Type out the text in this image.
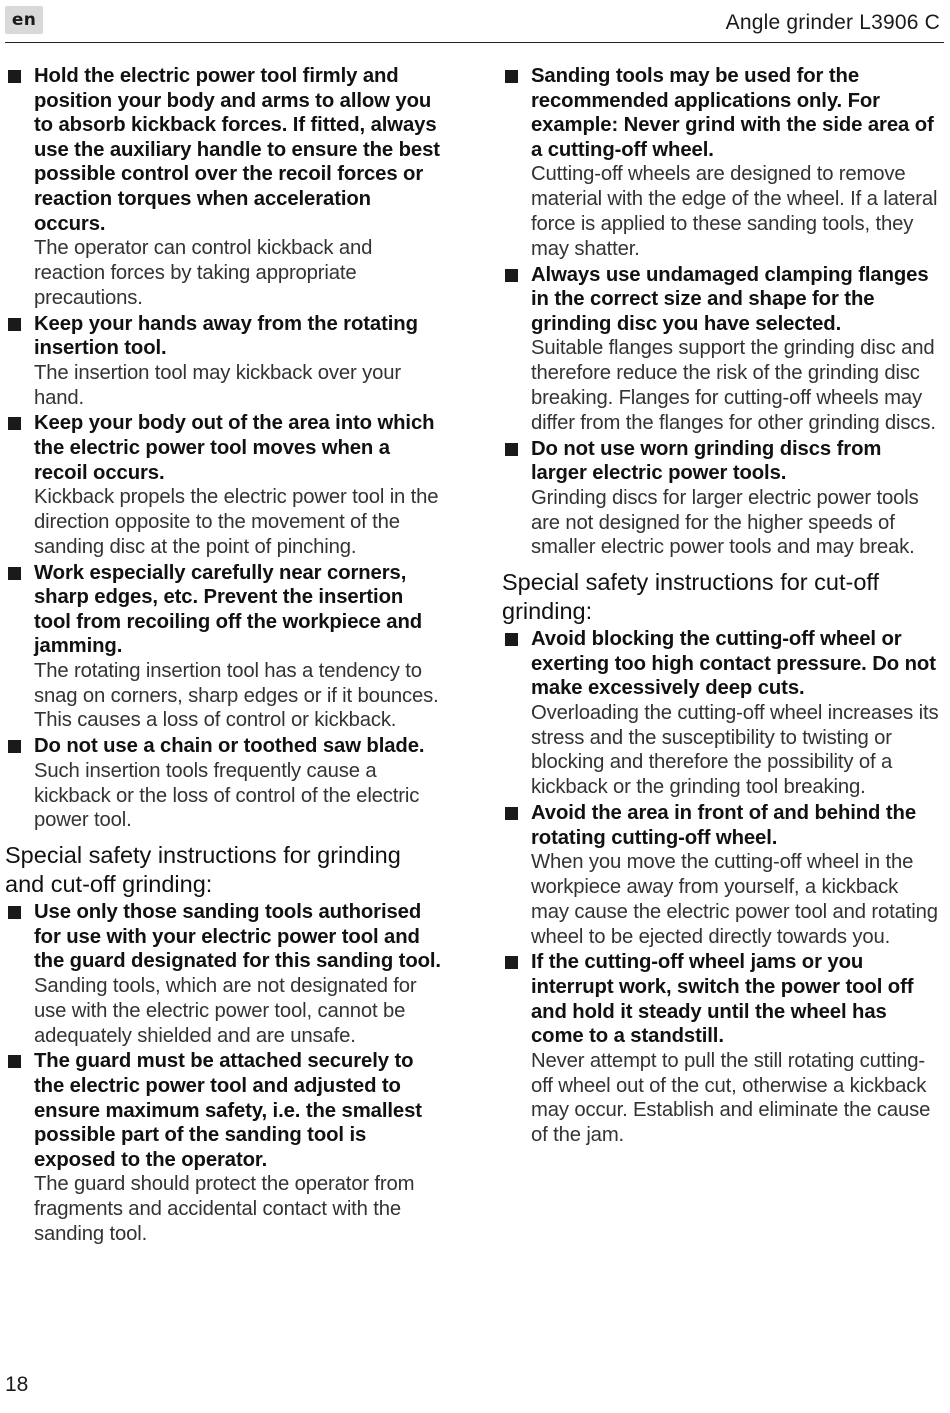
en	Angle grinder L3906 C
Hold the electric power tool firmly and position your body and arms to allow you to absorb kickback forces. If fitted, always use the auxiliary handle to ensure the best possible control over the recoil forces or reaction torques when acceleration occurs.
The operator can control kickback and reaction forces by taking appropriate precautions.
Keep your hands away from the rotating insertion tool.
The insertion tool may kickback over your hand.
Keep your body out of the area into which the electric power tool moves when a recoil occurs.
Kickback propels the electric power tool in the direction opposite to the movement of the sanding disc at the point of pinching.
Work especially carefully near corners, sharp edges, etc. Prevent the insertion tool from recoiling off the workpiece and jamming.
The rotating insertion tool has a tendency to snag on corners, sharp edges or if it bounces. This causes a loss of control or kickback.
Do not use a chain or toothed saw blade.
Such insertion tools frequently cause a kickback or the loss of control of the electric power tool.
Special safety instructions for grinding and cut-off grinding:
Use only those sanding tools authorised for use with your electric power tool and the guard designated for this sanding tool.
Sanding tools, which are not designated for use with the electric power tool, cannot be adequately shielded and are unsafe.
The guard must be attached securely to the electric power tool and adjusted to ensure maximum safety, i.e. the smallest possible part of the sanding tool is exposed to the operator.
The guard should protect the operator from fragments and accidental contact with the sanding tool.
Sanding tools may be used for the recommended applications only. For example: Never grind with the side area of a cutting-off wheel.
Cutting-off wheels are designed to remove material with the edge of the wheel. If a lateral force is applied to these sanding tools, they may shatter.
Always use undamaged clamping flanges in the correct size and shape for the grinding disc you have selected.
Suitable flanges support the grinding disc and therefore reduce the risk of the grinding disc breaking. Flanges for cutting-off wheels may differ from the flanges for other grinding discs.
Do not use worn grinding discs from larger electric power tools.
Grinding discs for larger electric power tools are not designed for the higher speeds of smaller electric power tools and may break.
Special safety instructions for cut-off grinding:
Avoid blocking the cutting-off wheel or exerting too high contact pressure. Do not make excessively deep cuts.
Overloading the cutting-off wheel increases its stress and the susceptibility to twisting or blocking and therefore the possibility of a kickback or the grinding tool breaking.
Avoid the area in front of and behind the rotating cutting-off wheel.
When you move the cutting-off wheel in the workpiece away from yourself, a kickback may cause the electric power tool and rotating wheel to be ejected directly towards you.
If the cutting-off wheel jams or you interrupt work, switch the power tool off and hold it steady until the wheel has come to a standstill.
Never attempt to pull the still rotating cutting-off wheel out of the cut, otherwise a kickback may occur. Establish and eliminate the cause of the jam.
18
